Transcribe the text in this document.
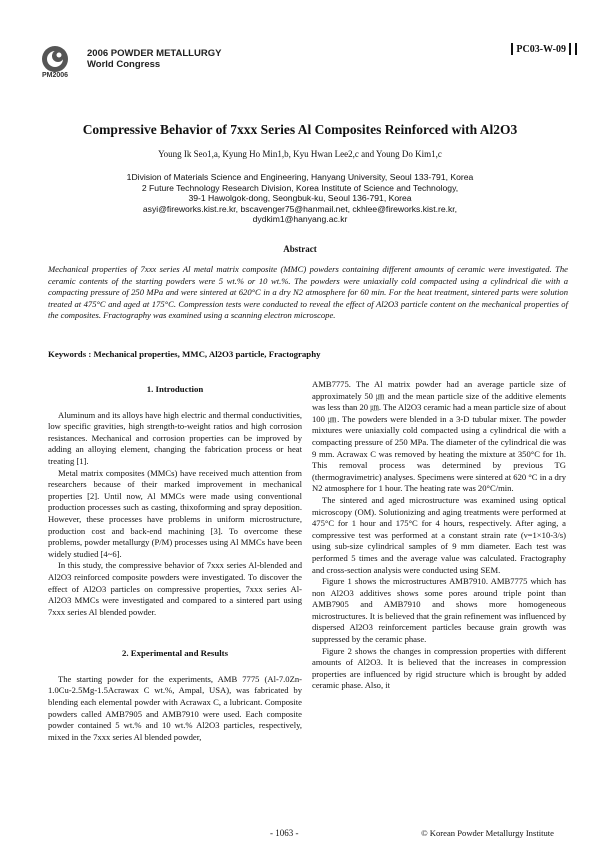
PM2006
2006 POWDER METALLURGY
World Congress
PC03-W-09
Compressive Behavior of 7xxx Series Al Composites Reinforced with Al2O3
Young Ik Seo1,a, Kyung Ho Min1,b, Kyu Hwan Lee2,c and Young Do Kim1,c
1Division of Materials Science and Engineering, Hanyang University, Seoul 133-791, Korea
2 Future Technology Research Division, Korea Institute of Science and Technology,
39-1 Hawolgok-dong, Seongbuk-ku, Seoul 136-791, Korea
asyi@fireworks.kist.re.kr, bscavenger75@hanmail.net, ckhlee@fireworks.kist.re.kr,
dydkim1@hanyang.ac.kr
Abstract
Mechanical properties of 7xxx series Al metal matrix composite (MMC) powders containing different amounts of ceramic were investigated. The ceramic contents of the starting powders were 5 wt.% or 10 wt.%. The powders were uniaxially cold compacted using a cylindrical die with a compacting pressure of 250 MPa and were sintered at 620°C in a dry N2 atmosphere for 60 min. For the heat treatment, sintered parts were solution treated at 475°C and aged at 175°C. Compression tests were conducted to reveal the effect of Al2O3 particle content on the mechanical properties of the composites. Fractography was examined using a scanning electron microscope.
Keywords : Mechanical properties, MMC, Al2O3 particle, Fractography
1. Introduction

Aluminum and its alloys have high electric and thermal conductivities, low specific gravities, high strength-to-weight ratios and high corrosion resistances. Mechanical and corrosion properties can be improved by adding an alloying element, changing the fabrication process or heat treating [1].

Metal matrix composites (MMCs) have received much attention from researchers because of their marked improvement in mechanical properties [2]. Until now, Al MMCs were made using conventional production processes such as casting, thixoforming and spray deposition. However, these processes have problems in uniform microstructure, production cost and back-end machining [3]. To overcome these problems, powder metallurgy (P/M) processes using Al MMCs have been widely studied [4~6].

In this study, the compressive behavior of 7xxx series Al-blended and Al2O3 reinforced composite powders were investigated. To discover the effect of Al2O3 particles on compressive properties, 7xxx series Al-Al2O3 MMCs were investigated and compared to a sintered part using 7xxx series Al blended powder.

2. Experimental and Results

The starting powder for the experiments, AMB 7775 (Al-7.0Zn-1.0Cu-2.5Mg-1.5Acrawax C wt.%, Ampal, USA), was fabricated by blending each elemental powder with Acrawax C, a lubricant. Composite powders called AMB7905 and AMB7910 were used. Each composite powder contained 5 wt.% and 10 wt.% Al2O3 particles, respectively, mixed in the 7xxx series Al blended powder,

AMB7775. The Al matrix powder had an average particle size of approximately 50 ㎛ and the mean particle size of the additive elements was less than 20 ㎛. The Al2O3 ceramic had a mean particle size of about 100 ㎛. The powders were blended in a 3-D tubular mixer. The powder mixtures were uniaxially cold compacted using a cylindrical die with a compacting pressure of 250 MPa. The diameter of the cylindrical die was 9 mm. Acrawax C was removed by heating the mixture at 350°C for 1h. This removal process was determined by previous TG (thermogravimetric) analyses. Specimens were sintered at 620 °C in a dry N2 atmosphere for 1 hour. The heating rate was 20°C/min.

The sintered and aged microstructure was examined using optical microscopy (OM). Solutionizing and aging treatments were performed at 475°C for 1 hour and 175°C for 4 hours, respectively. After aging, a compressive test was performed at a constant strain rate (ν=1×10-3/s) using sub-size cylindrical samples of 9 mm diameter. Each test was performed 5 times and the average value was calculated. Fractography and cross-section analysis were conducted using SEM.

Figure 1 shows the microstructures AMB7910. AMB7775 which has non Al2O3 additives shows some pores around triple point than AMB7905 and AMB7910 and shows more homogeneous microstructures. It is believed that the grain refinement was influenced by dispersed Al2O3 reinforcement particles because grain growth was suppressed by the ceramic phase.

Figure 2 shows the changes in compression properties with different amounts of Al2O3. It is believed that the increases in compression properties are influenced by rigid structure which is brought by added ceramic phase. Also, it

- 1063 -	© Korean Powder Metallurgy Institute
